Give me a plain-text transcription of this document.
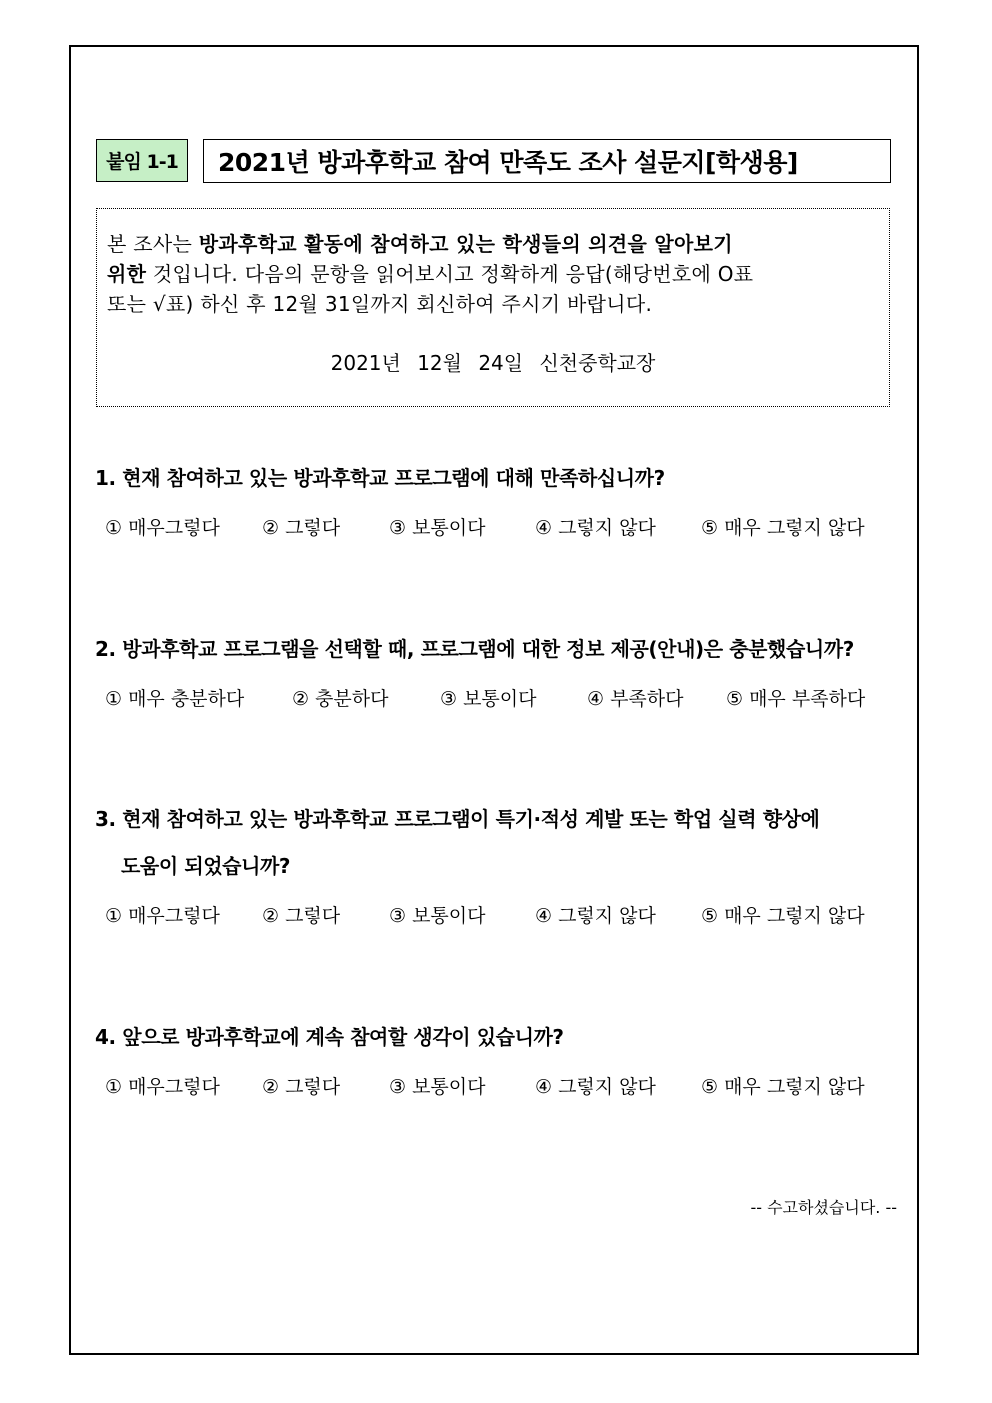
붙임 1-1 2021년 방과후학교 참여 만족도 조사 설문지[학생용]
본 조사는 방과후학교 활동에 참여하고 있는 학생들의 의견을 알아보기
위한 것입니다. 다음의 문항을 읽어보시고 정확하게 응답(해당번호에 O표
또는 √표) 하신 후 12월 31일까지 회신하여 주시기 바랍니다.
2021년 12월 24일 신천중학교장
1. 현재 참여하고 있는 방과후학교 프로그램에 대해 만족하십니까?
① 매우그렇다 ② 그렇다	③ 보통이다	④ 그렇지 않다 ⑤ 매우 그렇지 않다
2. 방과후학교 프로그램을 선택할 때, 프로그램에 대한 정보 제공(안내)은 충분했습니까?
① 매우 충분하다	② 충분하다	③ 보통이다	④ 부족하다 ⑤ 매우 부족하다
3. 현재 참여하고 있는 방과후학교 프로그램이 특기·적성 계발 또는 학업 실력 향상에
도움이 되었습니까?
① 매우그렇다 ② 그렇다	③ 보통이다	④ 그렇지 않다 ⑤ 매우 그렇지 않다
4. 앞으로 방과후학교에 계속 참여할 생각이 있습니까?
① 매우그렇다 ② 그렇다	③ 보통이다	④ 그렇지 않다 ⑤ 매우 그렇지 않다
-- 수고하셨습니다. --
